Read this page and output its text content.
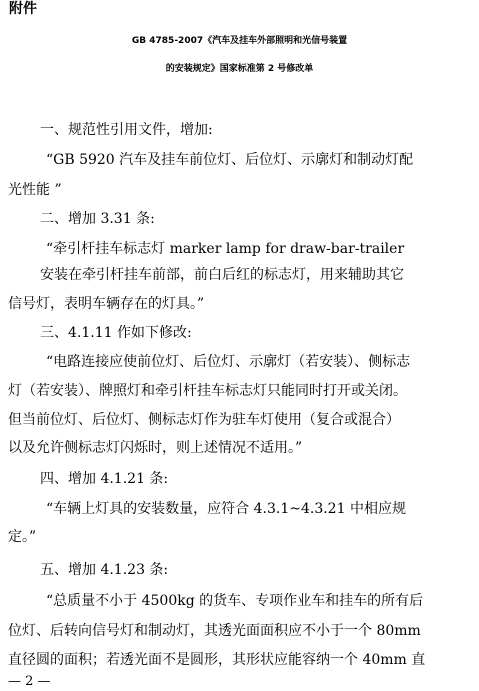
附件
GB 4785-2007《汽车及挂车外部照明和光信号装置
的安装规定》国家标准第 2 号修改单
一、规范性引用文件，增加:
“GB 5920 汽车及挂车前位灯、后位灯、示廓灯和制动灯配
光性能 ”
二、增加 3.31 条:
“牵引杆挂车标志灯 marker lamp for draw-bar-trailer
安装在牵引杆挂车前部，前白后红的标志灯，用来辅助其它
信号灯，表明车辆存在的灯具。”
三、4.1.11 作如下修改:
“电路连接应使前位灯、后位灯、示廓灯（若安装）、侧标志
灯（若安装）、牌照灯和牵引杆挂车标志灯只能同时打开或关闭。
但当前位灯、后位灯、侧标志灯作为驻车灯使用（复合或混合）
以及允许侧标志灯闪烁时，则上述情况不适用。”
四、增加 4.1.21 条:
“车辆上灯具的安装数量，应符合 4.3.1~4.3.21 中相应规
定。”
五、增加 4.1.23 条:
“总质量不小于 4500kg 的货车、专项作业车和挂车的所有后
位灯、后转向信号灯和制动灯，其透光面面积应不小于一个 80mm
直径圆的面积；若透光面不是圆形，其形状应能容纳一个 40mm 直
— 2 —
